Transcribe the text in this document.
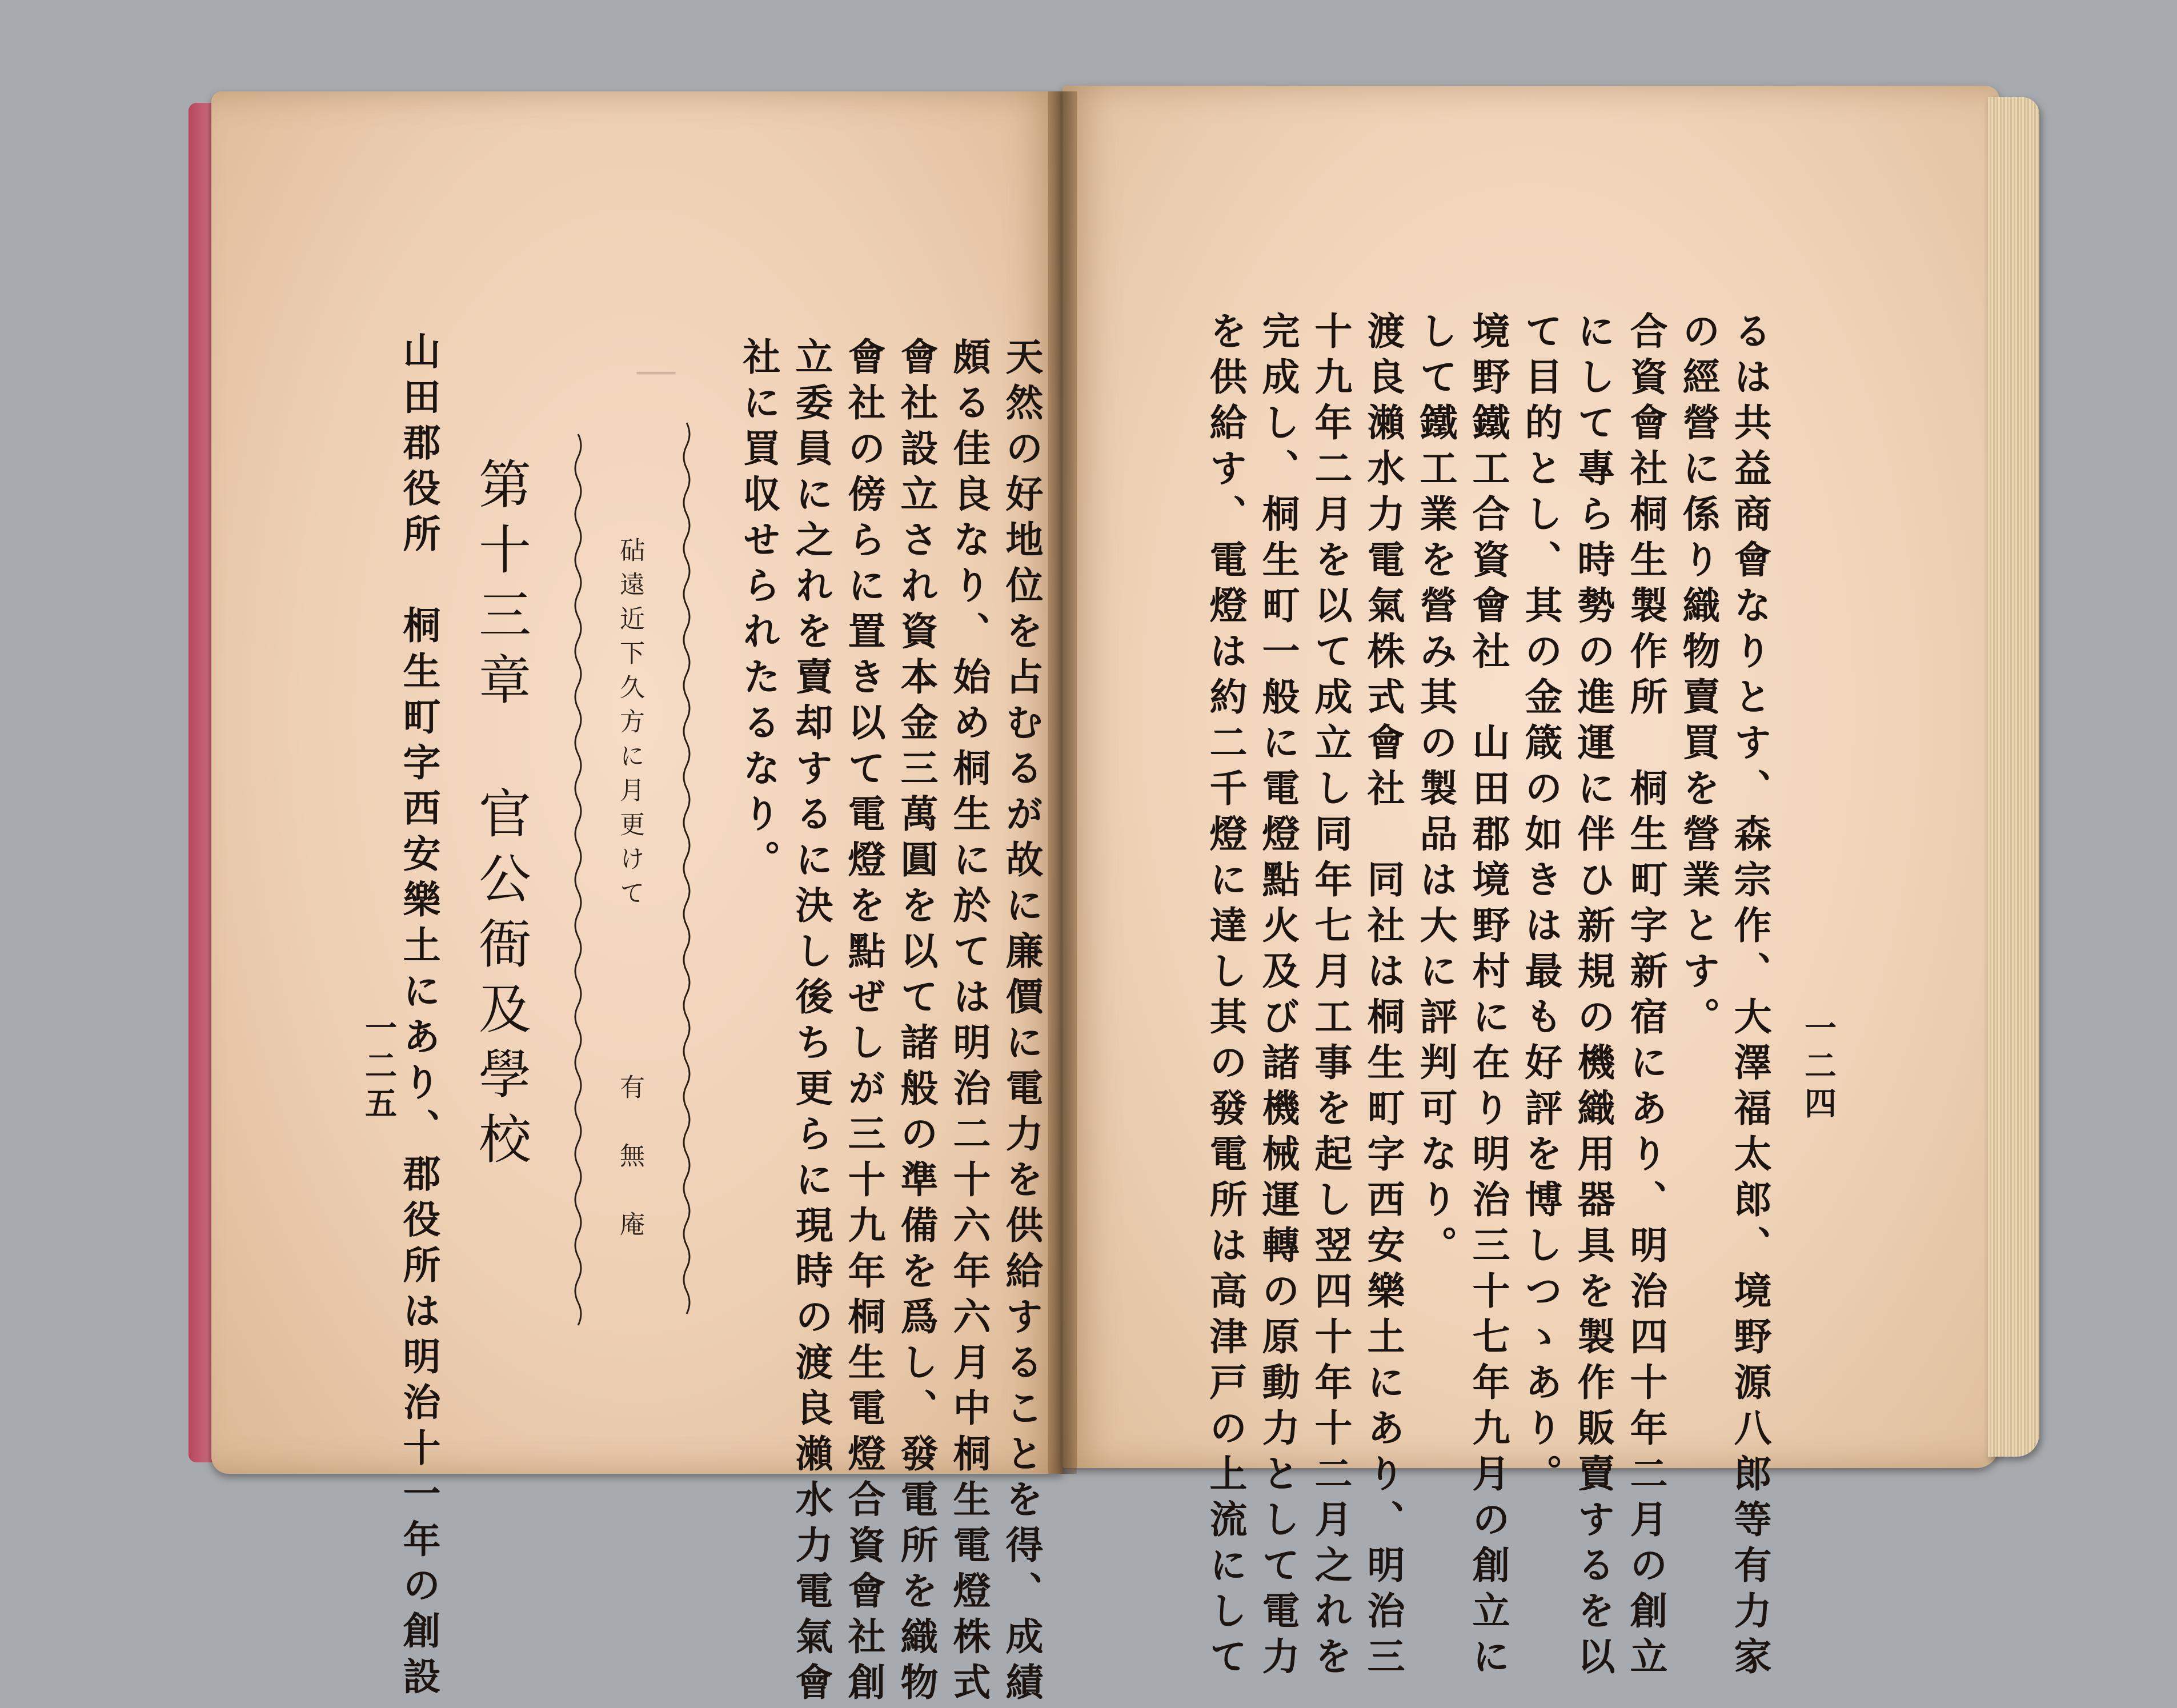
一二四
るは共益商會なりとす、森宗作、大澤福太郎、境野源八郎等有力家
の經營に係り織物賣買を營業とす。
合資會社桐生製作所　桐生町字新宿にあり、明治四十年二月の創立
にして專ら時勢の進運に伴ひ新規の機織用器具を製作販賣するを以
て目的とし、其の金箴の如きは最も好評を博しつゝあり。
境野鐵工合資會社　山田郡境野村に在り明治三十七年九月の創立に
して鐵工業を營み其の製品は大に評判可なり。
渡良瀨水力電氣株式會社　同社は桐生町字西安樂土にあり、明治三
十九年二月を以て成立し同年七月工事を起し翌四十年十二月之れを
完成し、桐生町一般に電燈點火及び諸機械運轉の原動力として電力
を供給す、電燈は約二千燈に達し其の發電所は高津戸の上流にして
天然の好地位を占むるが故に廉價に電力を供給することを得、成績
頗る佳良なり、始め桐生に於ては明治二十六年六月中桐生電燈株式
會社設立され資本金三萬圓を以て諸般の準備を爲し、發電所を織物
會社の傍らに置き以て電燈を點ぜしが三十九年桐生電燈合資會社創
立委員に之れを賣却するに決し後ち更らに現時の渡良瀨水力電氣會
社に買収せられたるなり。
砧遠近下久方に月更けて
有　無　庵
｜
第十三章官公衙及學校
一二五
山田郡役所　桐生町字西安樂土にあり、郡役所は明治十一年の創設
